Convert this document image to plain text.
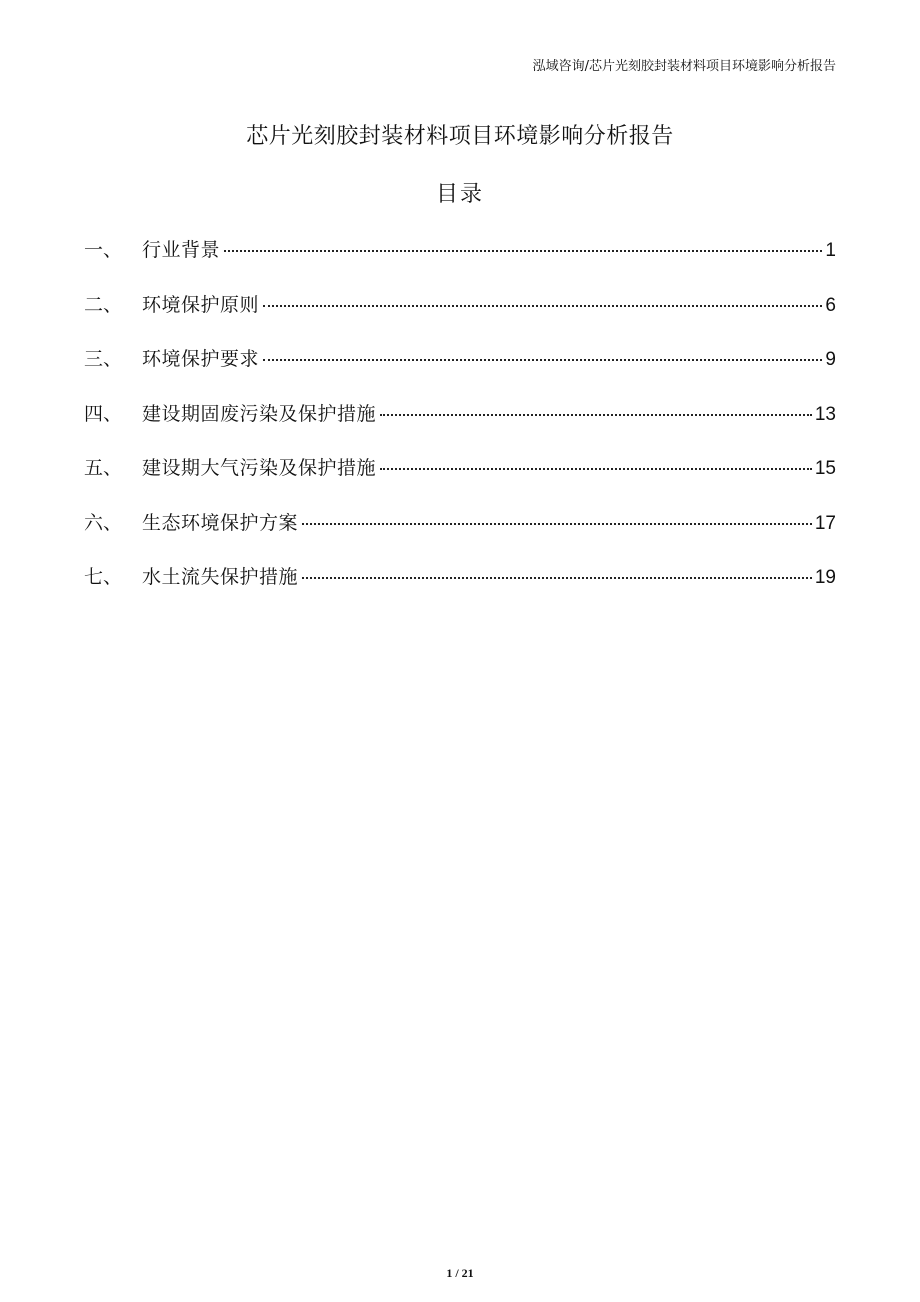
泓域咨询/芯片光刻胶封装材料项目环境影响分析报告
芯片光刻胶封装材料项目环境影响分析报告
目录
一、	行业背景	1
二、	环境保护原则	6
三、	环境保护要求	9
四、	建设期固废污染及保护措施	13
五、	建设期大气污染及保护措施	15
六、	生态环境保护方案	17
七、	水土流失保护措施	19
1 / 21
